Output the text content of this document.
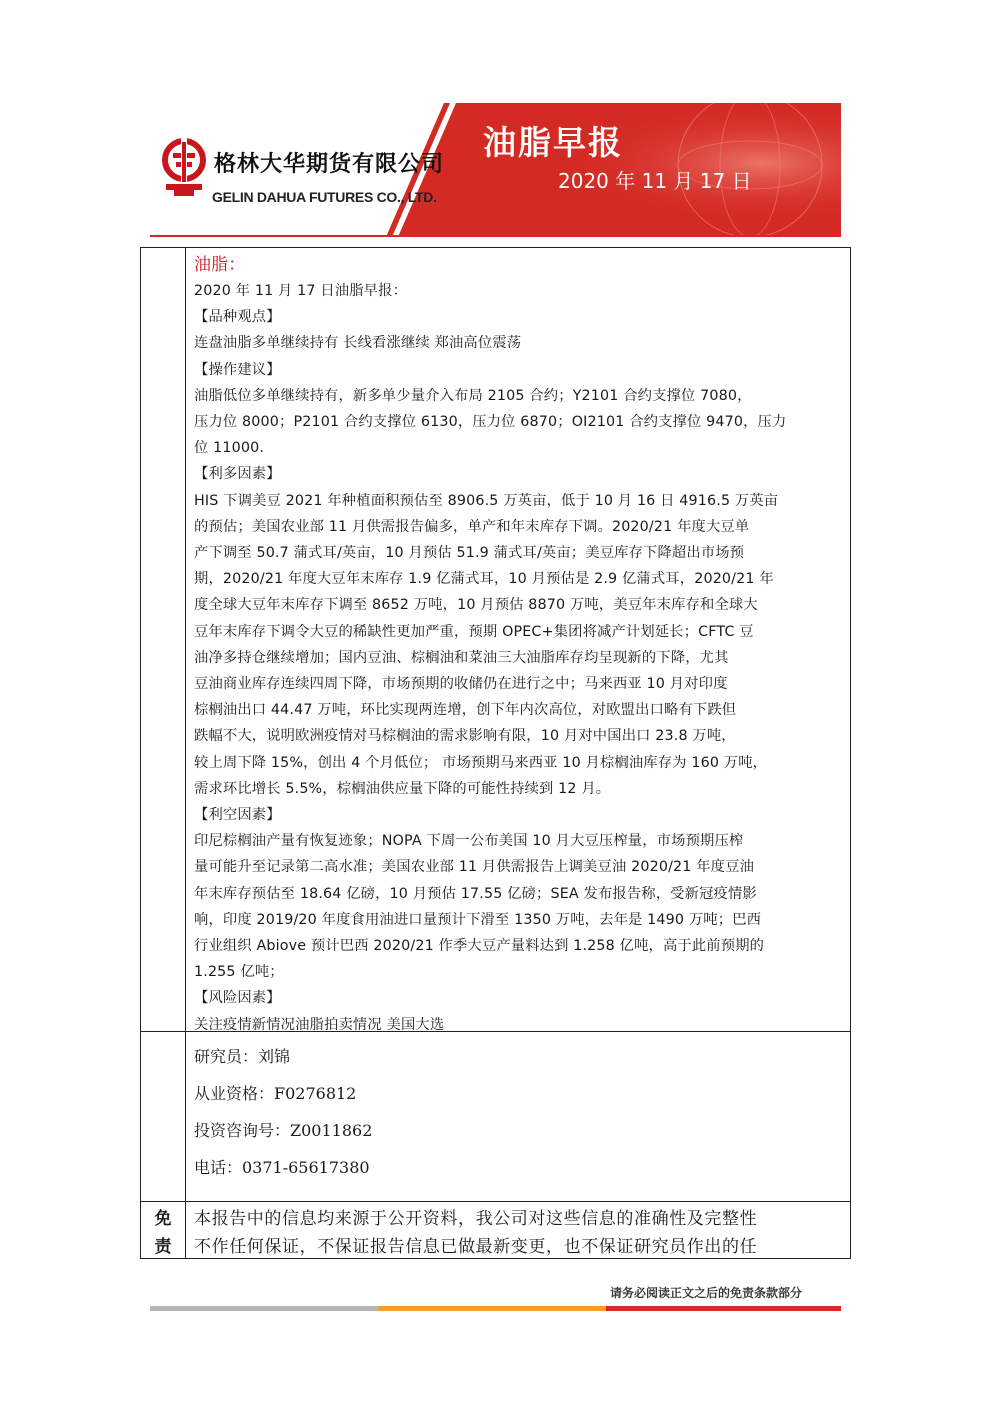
格林大华期货有限公司
GELIN DAHUA FUTURES CO., LTD.
油脂早报
2020 年 11 月 17 日

油脂：

2020 年 11 月 17 日油脂早报：

【品种观点】

连盘油脂多单继续持有 长线看涨继续 郑油高位震荡

【操作建议】

油脂低位多单继续持有，新多单少量介入布局 2105 合约；Y2101 合约支撑位 7080，

压力位 8000；P2101 合约支撑位 6130，压力位 6870；OI2101 合约支撑位 9470，压力

位 11000.

【利多因素】

HIS 下调美豆 2021 年种植面积预估至 8906.5 万英亩，低于 10 月 16 日 4916.5 万英亩

的预估；美国农业部 11 月供需报告偏多，单产和年末库存下调。2020/21 年度大豆单

产下调至 50.7 蒲式耳/英亩，10 月预估 51.9 蒲式耳/英亩；美豆库存下降超出市场预

期，2020/21 年度大豆年末库存 1.9 亿蒲式耳，10 月预估是 2.9 亿蒲式耳，2020/21 年

度全球大豆年末库存下调至 8652 万吨，10 月预估 8870 万吨，美豆年末库存和全球大

豆年末库存下调令大豆的稀缺性更加严重，预期 OPEC+集团将减产计划延长；CFTC 豆

油净多持仓继续增加；国内豆油、棕榈油和菜油三大油脂库存均呈现新的下降，尤其

豆油商业库存连续四周下降，市场预期的收储仍在进行之中；马来西亚 10 月对印度

棕榈油出口 44.47 万吨，环比实现两连增，创下年内次高位，对欧盟出口略有下跌但

跌幅不大，说明欧洲疫情对马棕榈油的需求影响有限，10 月对中国出口 23.8 万吨，

较上周下降 15%，创出 4 个月低位； 市场预期马来西亚 10 月棕榈油库存为 160 万吨，

需求环比增长 5.5%，棕榈油供应量下降的可能性持续到 12 月。

【利空因素】

印尼棕榈油产量有恢复迹象；NOPA 下周一公布美国 10 月大豆压榨量，市场预期压榨

量可能升至记录第二高水准；美国农业部 11 月供需报告上调美豆油 2020/21 年度豆油

年末库存预估至 18.64 亿磅，10 月预估 17.55 亿磅；SEA 发布报告称，受新冠疫情影

响，印度 2019/20 年度食用油进口量预计下滑至 1350 万吨，去年是 1490 万吨；巴西

行业组织 Abiove 预计巴西 2020/21 作季大豆产量料达到 1.258 亿吨，高于此前预期的

1.255 亿吨；

【风险因素】

关注疫情新情况油脂拍卖情况 美国大选

研究员：刘锦

从业资格：F0276812

投资咨询号：Z0011862

电话：0371-65617380

免
责

本报告中的信息均来源于公开资料，我公司对这些信息的准确性及完整性

不作任何保证，不保证报告信息已做最新变更，也不保证研究员作出的任

请务必阅读正文之后的免责条款部分
